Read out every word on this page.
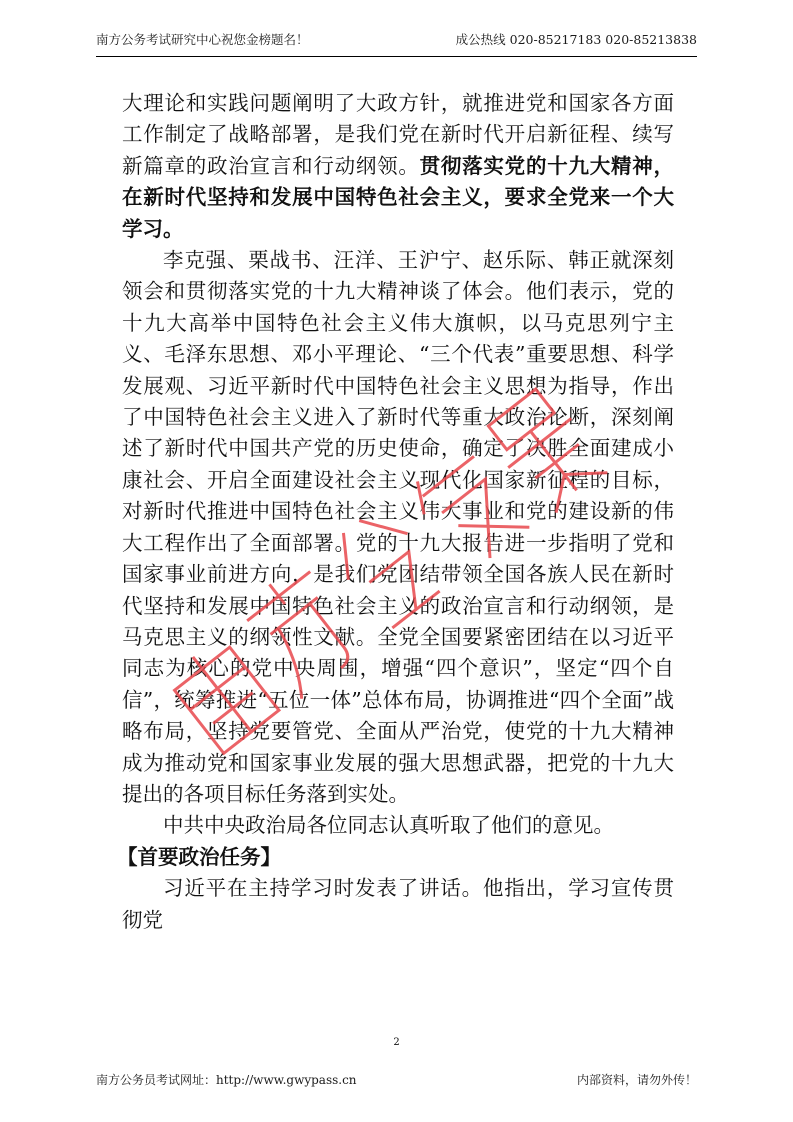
南方公务考试研究中心祝您金榜题名！	成公热线 020-85217183 020-85213838

大理论和实践问题阐明了大政方针，就推进党和国家各方面工作制定了战略部署，是我们党在新时代开启新征程、续写新篇章的政治宣言和行动纲领。贯彻落实党的十九大精神，在新时代坚持和发展中国特色社会主义，要求全党来一个大学习。

李克强、栗战书、汪洋、王沪宁、赵乐际、韩正就深刻领会和贯彻落实党的十九大精神谈了体会。他们表示，党的十九大高举中国特色社会主义伟大旗帜，以马克思列宁主义、毛泽东思想、邓小平理论、“三个代表”重要思想、科学发展观、习近平新时代中国特色社会主义思想为指导，作出了中国特色社会主义进入了新时代等重大政治论断，深刻阐述了新时代中国共产党的历史使命，确定了决胜全面建成小康社会、开启全面建设社会主义现代化国家新征程的目标，对新时代推进中国特色社会主义伟大事业和党的建设新的伟大工程作出了全面部署。党的十九大报告进一步指明了党和国家事业前进方向，是我们党团结带领全国各族人民在新时代坚持和发展中国特色社会主义的政治宣言和行动纲领，是马克思主义的纲领性文献。全党全国要紧密团结在以习近平同志为核心的党中央周围，增强“四个意识”，坚定“四个自信”，统筹推进“五位一体”总体布局，协调推进“四个全面”战略布局，坚持党要管党、全面从严治党，使党的十九大精神成为推动党和国家事业发展的强大思想武器，把党的十九大提出的各项目标任务落到实处。

中共中央政治局各位同志认真听取了他们的意见。

【首要政治任务】

习近平在主持学习时发表了讲话。他指出，学习宣传贯彻党

2
南方公务员考试网址：http://www.gwypass.cn	内部资料，请勿外传！
